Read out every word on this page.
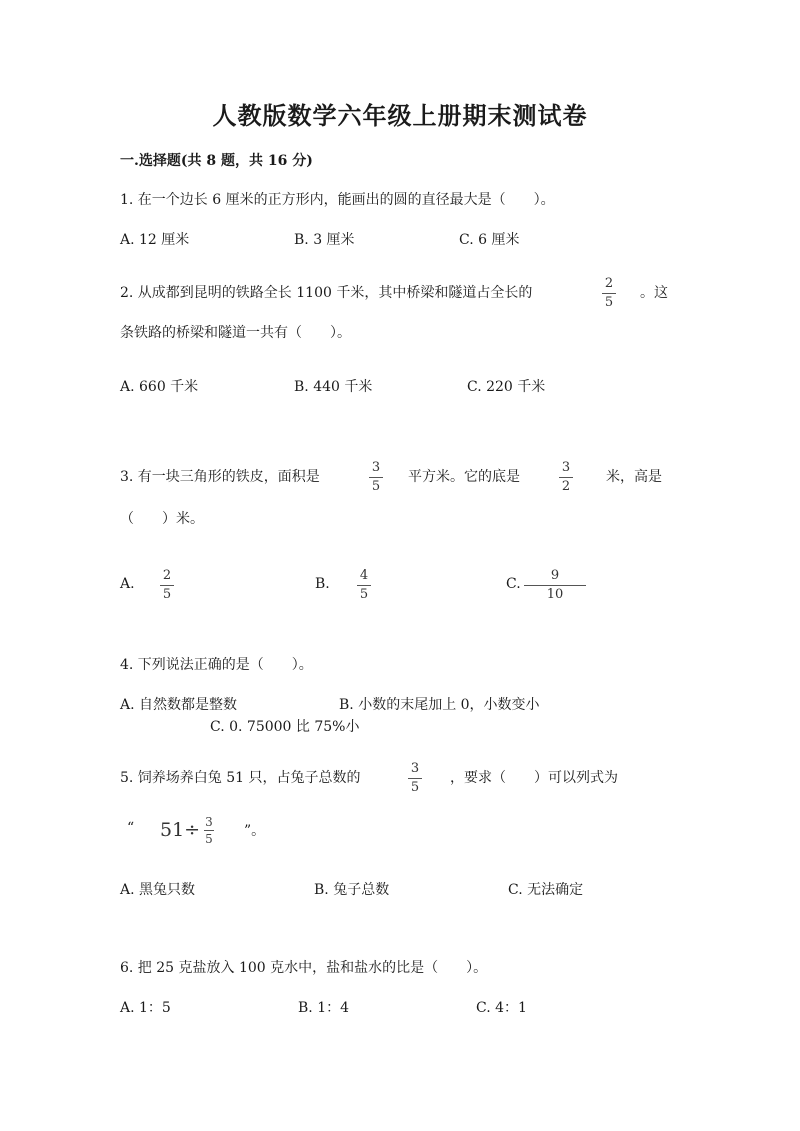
人教版数学六年级上册期末测试卷
一.选择题(共 8 题，共 16 分)
1. 在一个边长 6 厘米的正方形内，能画出的圆的直径最大是（　　）。
A. 12 厘米	B. 3 厘米	C. 6 厘米
2. 从成都到昆明的铁路全长 1100 千米，其中桥梁和隧道占全长的
2
5
。这
条铁路的桥梁和隧道一共有（　　）。
A. 660 千米	B. 440 千米	C. 220 千米
3. 有一块三角形的铁皮，面积是
3
5
平方米。它的底是
3
2
米，高是
（　　）米。
A.
2
5
B.
4
5
C.
9
10
4. 下列说法正确的是（　　）。
A. 自然数都是整数	B. 小数的末尾加上 0，小数变小
C. 0. 75000 比 75%小
5. 饲养场养白兔 51 只，占兔子总数的
3
5
，要求（　　）可以列式为
“ 51÷ 3
5 ”。
A. 黑兔只数	B. 兔子总数	C. 无法确定
6. 把 25 克盐放入 100 克水中，盐和盐水的比是（　　）。
A. 1：5	B. 1：4	C. 4：1
